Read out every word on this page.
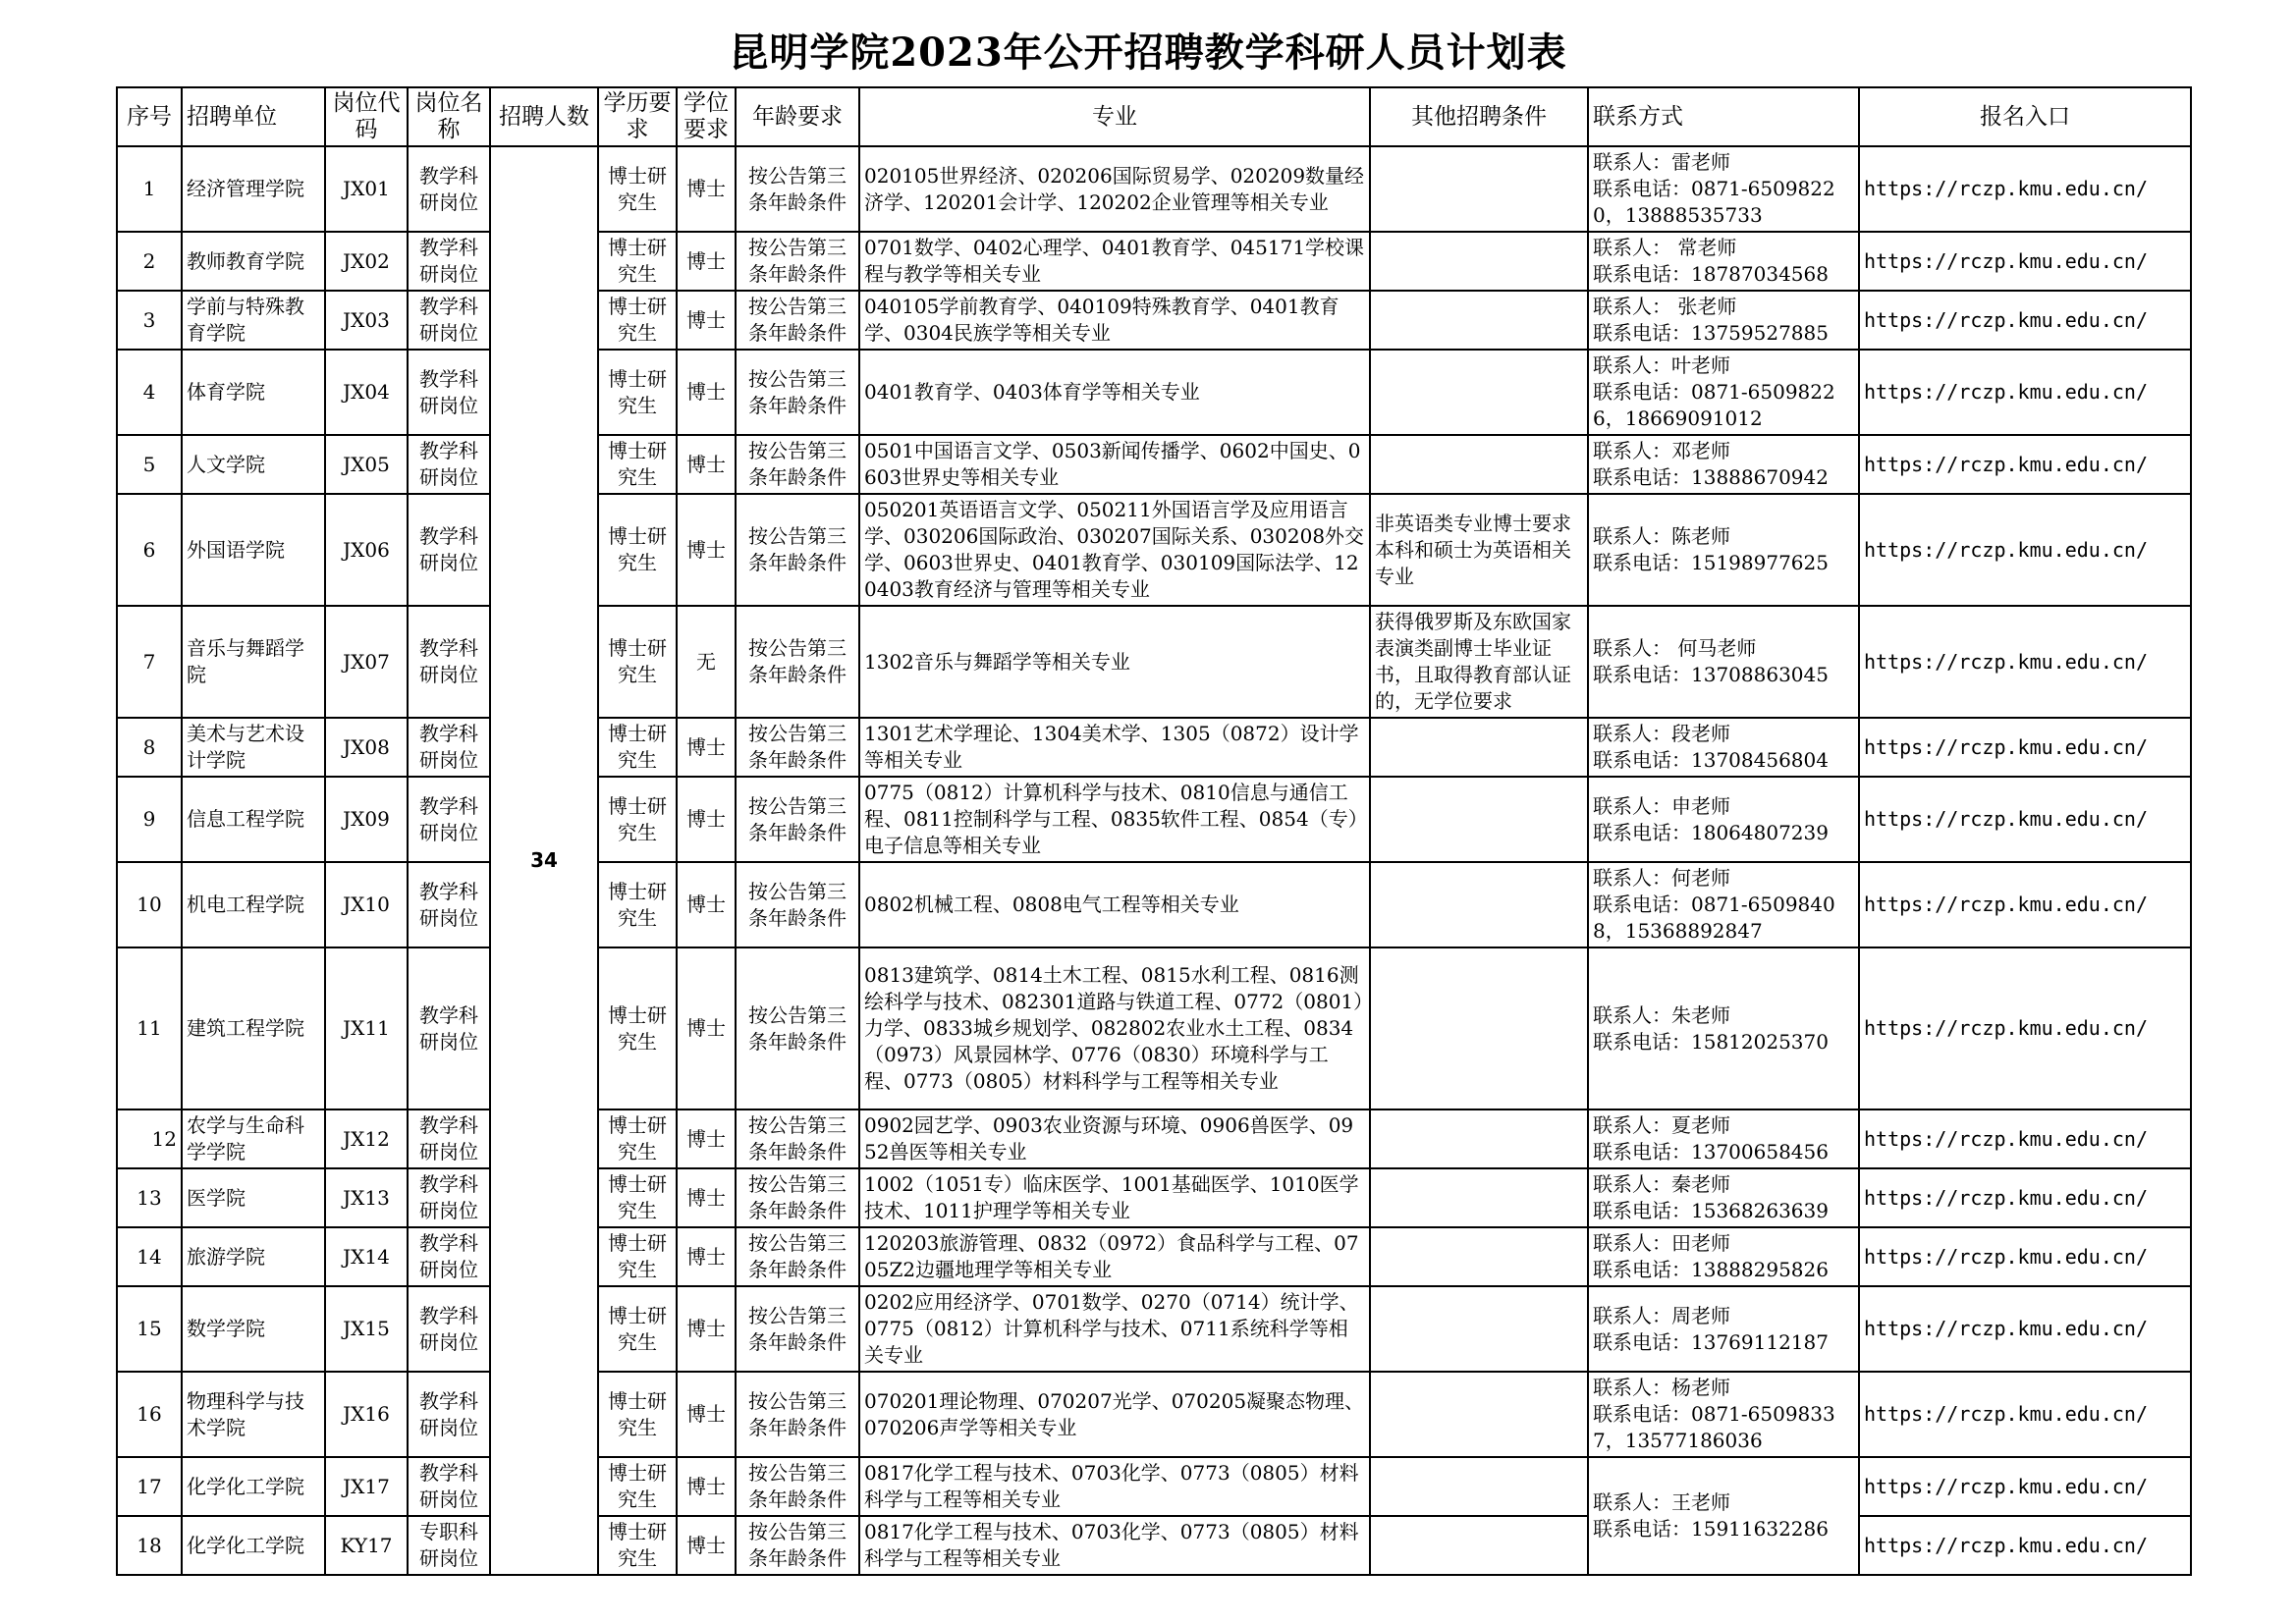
昆明学院2023年公开招聘教学科研人员计划表
序号	招聘单位	岗位代码	岗位名称	招聘人数	学历要求	学位要求	年龄要求	专业	其他招聘条件	联系方式	报名入口
1	经济管理学院	JX01	教学科研岗位	34	博士研究生	博士	按公告第三条年龄条件	020105世界经济、020206国际贸易学、020209数量经济学、120201会计学、120202企业管理等相关专业		联系人：雷老师
联系电话：0871-65098220，13888535733	https://rczp.kmu.edu.cn/
2	教师教育学院	JX02	教学科研岗位		博士研究生	博士	按公告第三条年龄条件	0701数学、0402心理学、0401教育学、045171学校课程与教学等相关专业		联系人： 常老师
联系电话：18787034568	https://rczp.kmu.edu.cn/
3	学前与特殊教育学院	JX03	教学科研岗位		博士研究生	博士	按公告第三条年龄条件	040105学前教育学、040109特殊教育学、0401教育学、0304民族学等相关专业		联系人： 张老师
联系电话：13759527885	https://rczp.kmu.edu.cn/
4	体育学院	JX04	教学科研岗位		博士研究生	博士	按公告第三条年龄条件	0401教育学、0403体育学等相关专业		联系人：叶老师
联系电话：0871-65098226，18669091012	https://rczp.kmu.edu.cn/
5	人文学院	JX05	教学科研岗位		博士研究生	博士	按公告第三条年龄条件	0501中国语言文学、0503新闻传播学、0602中国史、0603世界史等相关专业		联系人：邓老师
联系电话：13888670942	https://rczp.kmu.edu.cn/
6	外国语学院	JX06	教学科研岗位		博士研究生	博士	按公告第三条年龄条件	050201英语语言文学、050211外国语言学及应用语言学、030206国际政治、030207国际关系、030208外交学、0603世界史、0401教育学、030109国际法学、120403教育经济与管理等相关专业	非英语类专业博士要求本科和硕士为英语相关专业	联系人：陈老师
联系电话：15198977625	https://rczp.kmu.edu.cn/
7	音乐与舞蹈学院	JX07	教学科研岗位		博士研究生	无	按公告第三条年龄条件	1302音乐与舞蹈学等相关专业	获得俄罗斯及东欧国家表演类副博士毕业证书，且取得教育部认证的，无学位要求	联系人： 何马老师
联系电话：13708863045	https://rczp.kmu.edu.cn/
8	美术与艺术设计学院	JX08	教学科研岗位		博士研究生	博士	按公告第三条年龄条件	1301艺术学理论、1304美术学、1305（0872）设计学等相关专业		联系人：段老师
联系电话：13708456804	https://rczp.kmu.edu.cn/
9	信息工程学院	JX09	教学科研岗位		博士研究生	博士	按公告第三条年龄条件	0775（0812）计算机科学与技术、0810信息与通信工程、0811控制科学与工程、0835软件工程、0854（专）电子信息等相关专业		联系人：申老师
联系电话：18064807239	https://rczp.kmu.edu.cn/
10	机电工程学院	JX10	教学科研岗位		博士研究生	博士	按公告第三条年龄条件	0802机械工程、0808电气工程等相关专业		联系人：何老师
联系电话：0871-65098408，15368892847	https://rczp.kmu.edu.cn/
11	建筑工程学院	JX11	教学科研岗位		博士研究生	博士	按公告第三条年龄条件	0813建筑学、0814土木工程、0815水利工程、0816测绘科学与技术、082301道路与铁道工程、0772（0801）力学、0833城乡规划学、082802农业水土工程、0834（0973）风景园林学、0776（0830）环境科学与工程、0773（0805）材料科学与工程等相关专业		联系人：朱老师
联系电话：15812025370	https://rczp.kmu.edu.cn/
12	农学与生命科学学院	JX12	教学科研岗位		博士研究生	博士	按公告第三条年龄条件	0902园艺学、0903农业资源与环境、0906兽医学、0952兽医等相关专业		联系人：夏老师
联系电话：13700658456	https://rczp.kmu.edu.cn/
13	医学院	JX13	教学科研岗位		博士研究生	博士	按公告第三条年龄条件	1002（1051专）临床医学、1001基础医学、1010医学技术、1011护理学等相关专业		联系人：秦老师
联系电话：15368263639	https://rczp.kmu.edu.cn/
14	旅游学院	JX14	教学科研岗位		博士研究生	博士	按公告第三条年龄条件	120203旅游管理、0832（0972）食品科学与工程、0705Z2边疆地理学等相关专业		联系人：田老师
联系电话：13888295826	https://rczp.kmu.edu.cn/
15	数学学院	JX15	教学科研岗位		博士研究生	博士	按公告第三条年龄条件	0202应用经济学、0701数学、0270（0714）统计学、0775（0812）计算机科学与技术、0711系统科学等相关专业		联系人：周老师
联系电话：13769112187	https://rczp.kmu.edu.cn/
16	物理科学与技术学院	JX16	教学科研岗位		博士研究生	博士	按公告第三条年龄条件	070201理论物理、070207光学、070205凝聚态物理、070206声学等相关专业		联系人：杨老师
联系电话：0871-65098337，13577186036	https://rczp.kmu.edu.cn/
17	化学化工学院	JX17	教学科研岗位		博士研究生	博士	按公告第三条年龄条件	0817化学工程与技术、0703化学、0773（0805）材料科学与工程等相关专业		联系人：王老师
联系电话：15911632286	https://rczp.kmu.edu.cn/
18	化学化工学院	KY17	专职科研岗位		博士研究生	博士	按公告第三条年龄条件	0817化学工程与技术、0703化学、0773（0805）材料科学与工程等相关专业			https://rczp.kmu.edu.cn/
